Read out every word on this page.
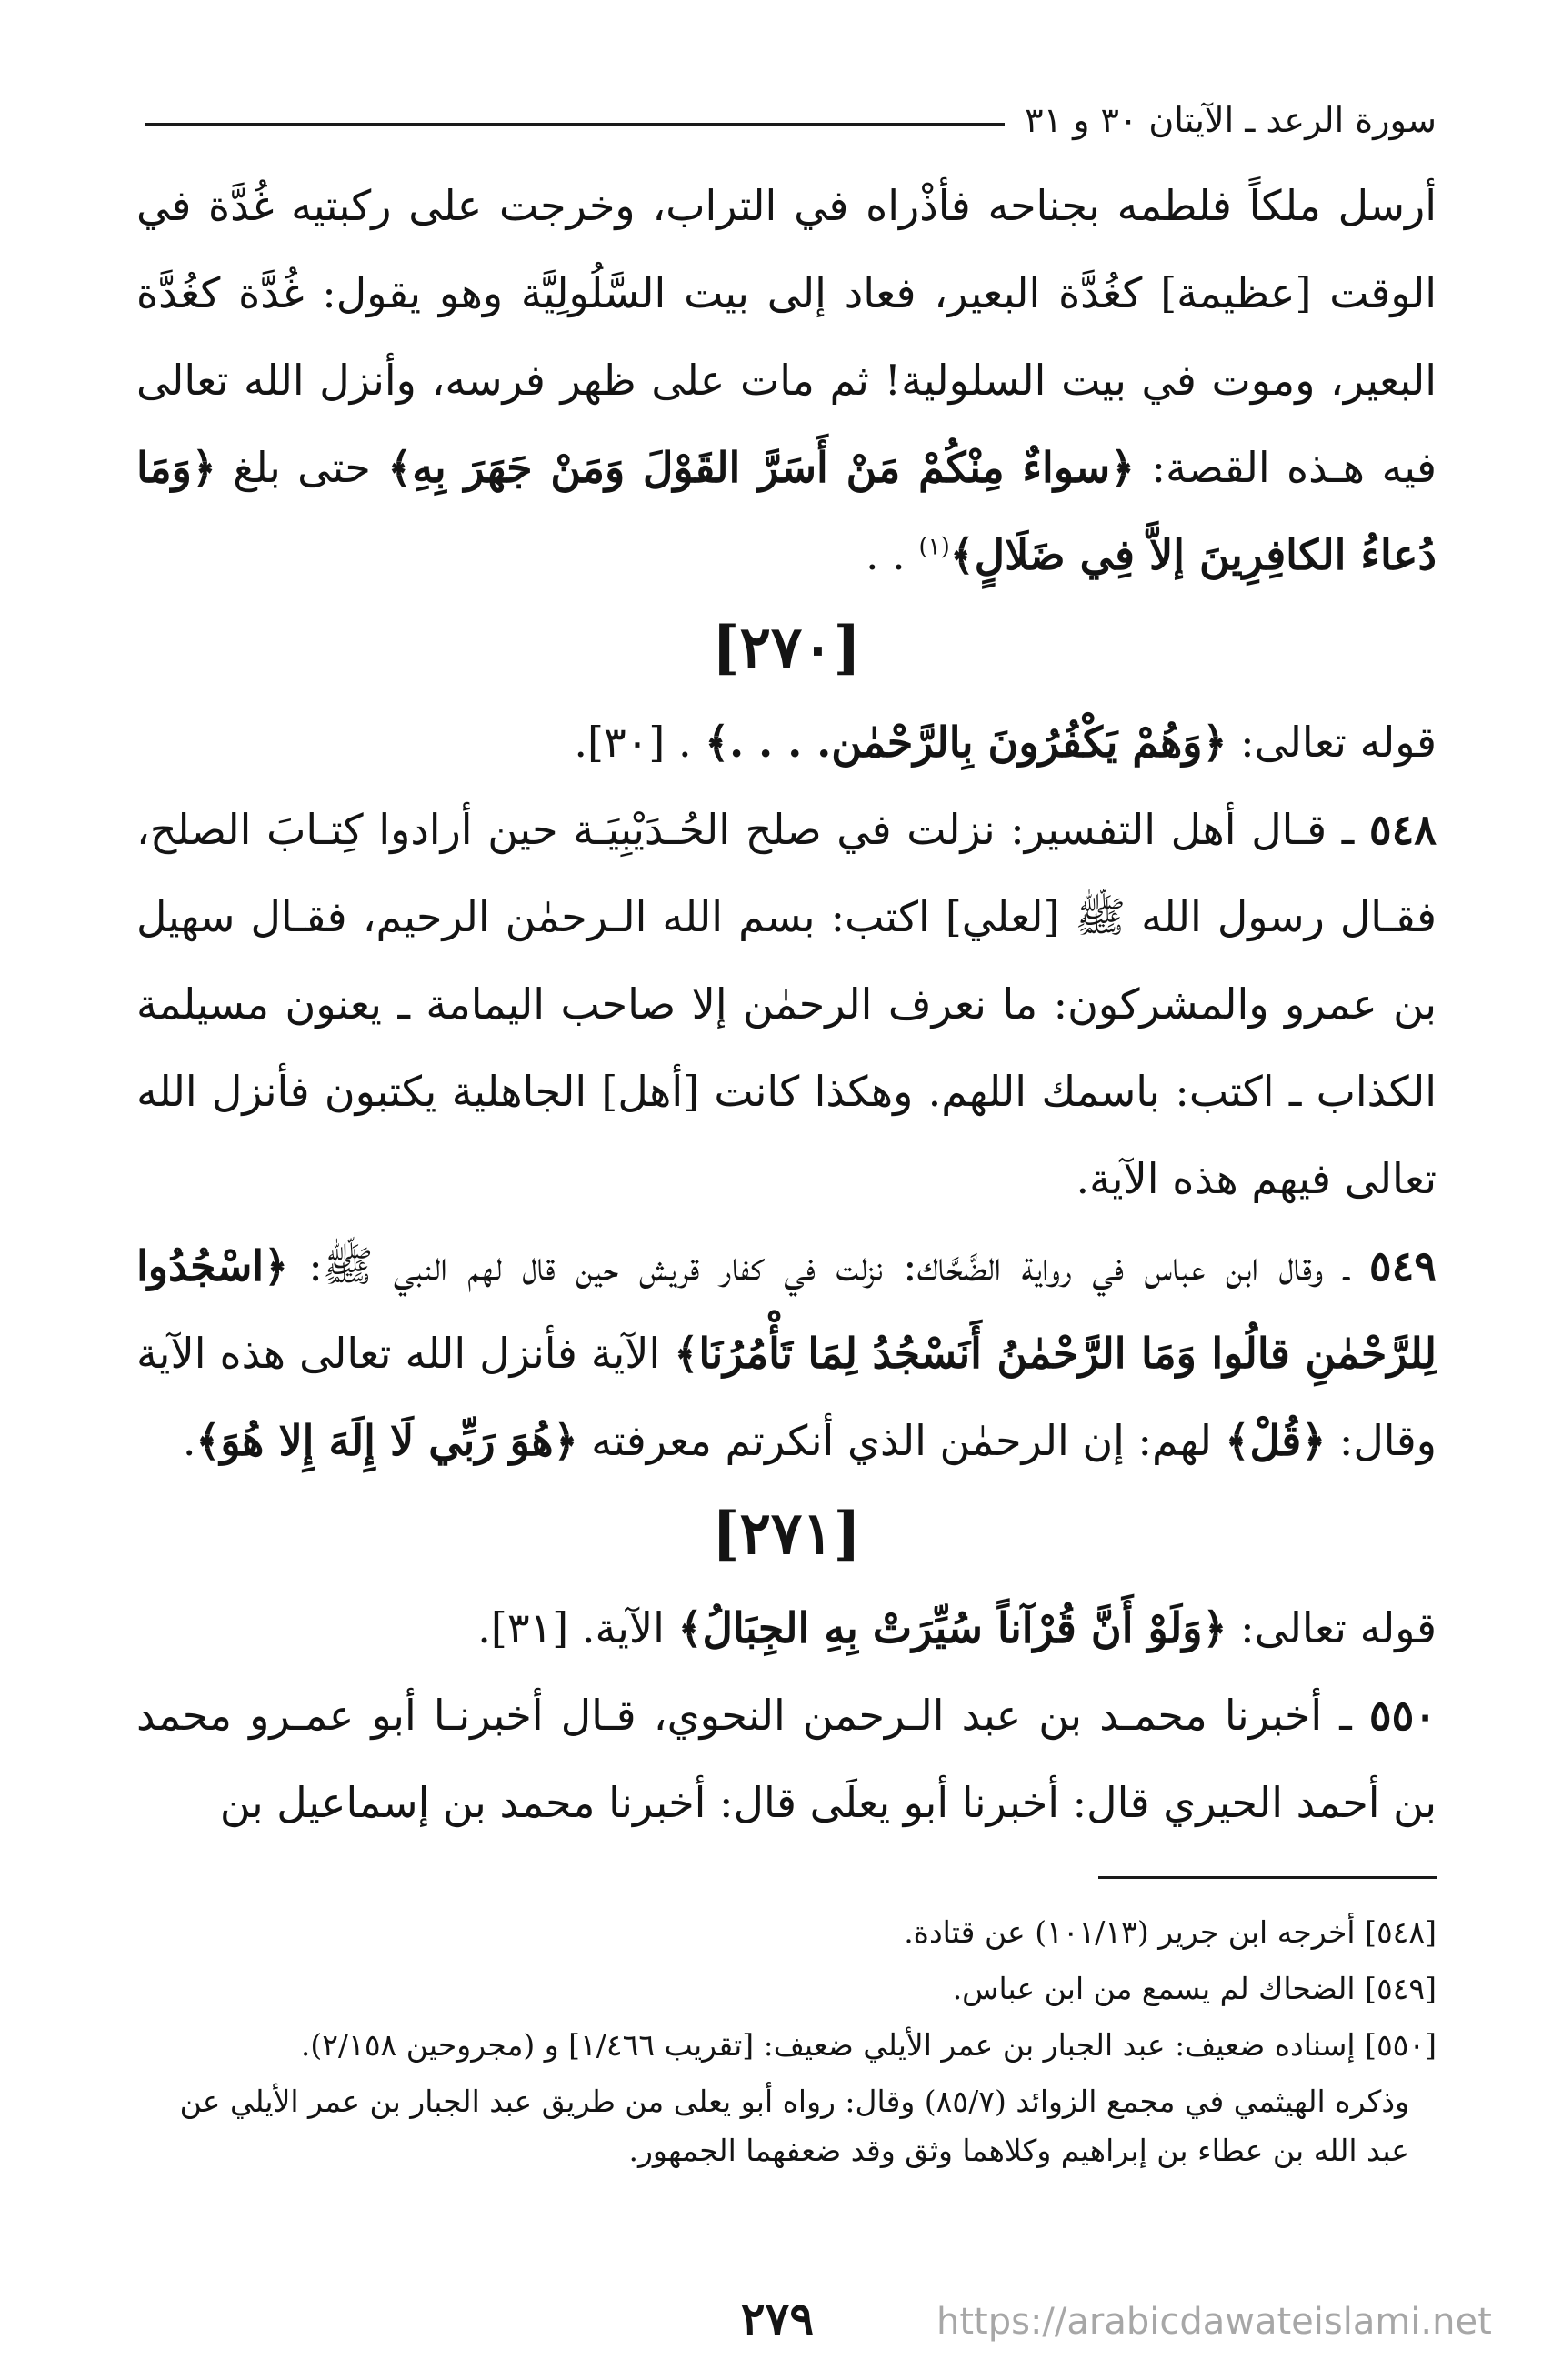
سورة الرعد ـ الآيتان ٣٠ و ٣١

أرسل ملكاً فلطمه بجناحه فأذْراه في التراب، وخرجت على ركبتيه غُدَّة في الوقت [عظيمة] كغُدَّة البعير، فعاد إلى بيت السَّلُولِيَّة وهو يقول: غُدَّة كغُدَّة البعير، وموت في بيت السلولية! ثم مات على ظهر فرسه، وأنزل الله تعالى فيه هـذه القصة: ﴿سواءٌ مِنْكُمْ مَنْ أَسَرَّ القَوْلَ وَمَنْ جَهَرَ بِهِ﴾ حتى بلغ ﴿وَمَا دُعاءُ الكافِرِينَ إلاَّ فِي ضَلَالٍ﴾$^{(١)}$ . .

[٢٧٠]

قوله تعالى: ﴿وَهُمْ يَكْفُرُونَ بِالرَّحْمٰن. . . .﴾ . [٣٠].

٥٤٨ ـ قـال أهل التفسير: نزلت في صلح الحُـدَيْبِيَـة حين أرادوا كِتـابَ الصلح، فقـال رسول الله ﷺ [لعلي] اكتب: بسم الله الـرحمٰن الرحيم، فقـال سهيل بن عمرو والمشركون: ما نعرف الرحمٰن إلا صاحب اليمامة ـ يعنون مسيلمة الكذاب ـ اكتب: باسمك اللهم. وهكذا كانت [أهل] الجاهلية يكتبون فأنزل الله تعالى فيهم هذه الآية.

٥٤٩ ـ وقال ابن عباس في رواية الضَّحَّاك: نزلت في كفار قريش حين قال لهم النبي ﷺ: ﴿اسْجُدُوا لِلرَّحْمٰنِ قالُوا وَمَا الرَّحْمٰنُ أَنَسْجُدُ لِمَا تَأْمُرُنَا﴾ الآية فأنزل الله تعالى هذه الآية وقال: ﴿قُلْ﴾ لهم: إن الرحمٰن الذي أنكرتم معرفته ﴿هُوَ رَبِّي لَا إِلَهَ إِلا هُوَ﴾.

[٢٧١]

قوله تعالى: ﴿وَلَوْ أَنَّ قُرْآناً سُيِّرَتْ بِهِ الجِبَالُ﴾ الآية. [٣١].

٥٥٠ ـ أخبرنا محمـد بن عبد الـرحمن النحوي، قـال أخبرنـا أبو عمـرو محمد بن أحمد الحيري قال: أخبرنا أبو يعلَى قال: أخبرنا محمد بن إسماعيل بن

[٥٤٨] أخرجه ابن جرير (١٠١/١٣) عن قتادة.

[٥٤٩] الضحاك لم يسمع من ابن عباس.

[٥٥٠] إسناده ضعيف: عبد الجبار بن عمر الأيلي ضعيف: [تقريب ١/٤٦٦] و (مجروحين ٢/١٥٨).

وذكره الهيثمي في مجمع الزوائد (٨٥/٧) وقال: رواه أبو يعلى من طريق عبد الجبار بن عمر الأيلي عن عبد الله بن عطاء بن إبراهيم وكلاهما وثق وقد ضعفهما الجمهور.

٢٧٩	https://arabicdawateislami.net
